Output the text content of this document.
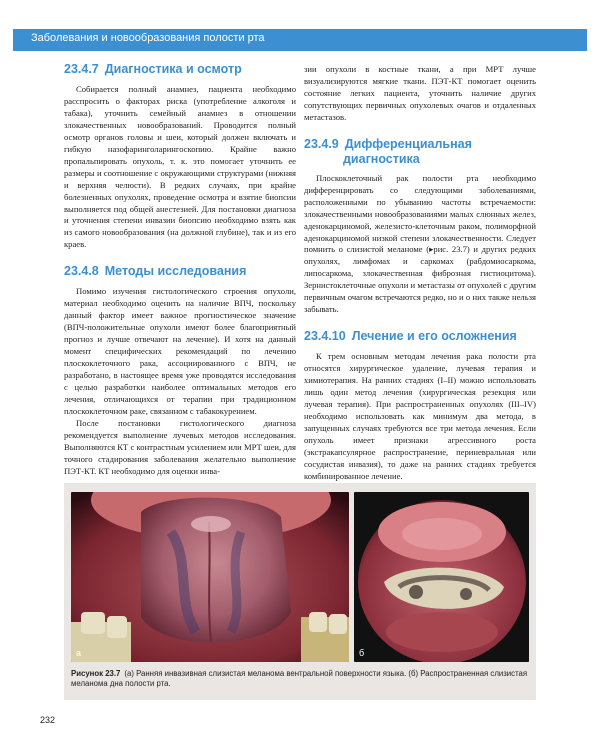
Заболевания и новообразования полости рта
23.4.7 Диагностика и осмотр

Собирается полный анамнез, пациента необходимо расспросить о факторах риска (употребление алкоголя и табака), уточнить семейный анамнез в отношении злокачественных новообразований. Проводится полный осмотр органов головы и шеи, который должен включать и гибкую назофаринголарингоскопию. Крайне важно пропальпировать опухоль, т. к. это помогает уточнить ее размеры и соотношение с окружающими структурами (нижняя и верхняя челюсти). В редких случаях, при крайне болезненных опухолях, проведение осмотра и взятие биопсии выполняется под общей анестезией. Для постановки диагноза и уточнения степени инвазии биопсию необходимо взять как из самого новообразования (на должной глубине), так и из его краев.

23.4.8 Методы исследования

Помимо изучения гистологического строения опухоли, материал необходимо оценить на наличие ВПЧ, поскольку данный фактор имеет важное прогностическое значение (ВПЧ-положительные опухоли имеют более благоприятный прогноз и лучше отвечают на лечение). И хотя на данный момент специфических рекомендаций по лечению плоскоклеточного рака, ассоциированного с ВПЧ, не разработано, в настоящее время уже проводятся исследования с целью разработки наиболее оптимальных методов его лечения, отличающихся от терапии при традиционном плоскоклеточном раке, связанном с табакокурением.

После постановки гистологического диагноза рекомендуется выполнение лучевых методов исследования. Выполняются КТ с контрастным усилением или МРТ шеи, для точного стадирования заболевания желательно выполнение ПЭТ-КТ. КТ необходимо для оценки инва-

зии опухоли в костные ткани, а при МРТ лучше визуализируются мягкие ткани. ПЭТ-КТ помогает оценить состояние легких пациента, уточнить наличие других сопутствующих первичных опухолевых очагов и отдаленных метастазов.

23.4.9 Дифференциальная
диагностика

Плоскоклеточный рак полости рта необходимо дифференцировать со следующими заболеваниями, расположенными по убыванию частоты встречаемости: злокачественными новообразованиями малых слюнных желез, аденокарциномой, железисто-клеточным раком, полиморфной аденокарциномой низкой степени злокачественности. Следует помнить о слизистой меланоме (▸рис. 23.7) и других редких опухолях, лимфомах и саркомах (рабдомиосаркома, липосаркома, злокачественная фиброзная гистиоцитома). Зернистоклеточные опухоли и метастазы от опухолей с другим первичным очагом встречаются редко, но и о них также нельзя забывать.

23.4.10 Лечение и его осложнения

К трем основным методам лечения рака полости рта относятся хирургическое удаление, лучевая терапия и химиотерапия. На ранних стадиях (I–II) можно использовать лишь один метод лечения (хирургическая резекция или лучевая терапия). При распространенных опухолях (III–IV) необходимо использовать как минимум два метода, в запущенных случаях требуются все три метода лечения. Если опухоль имеет признаки агрессивного роста (экстракапсулярное распространение, периневральная или сосудистая инвазия), то даже на ранних стадиях требуется комбинированное лечение.

а	б
Рисунок 23.7 (а) Ранняя инвазивная слизистая меланома вентральной поверхности языка. (б) Распространенная слизистая меланома дна полости рта.
232
